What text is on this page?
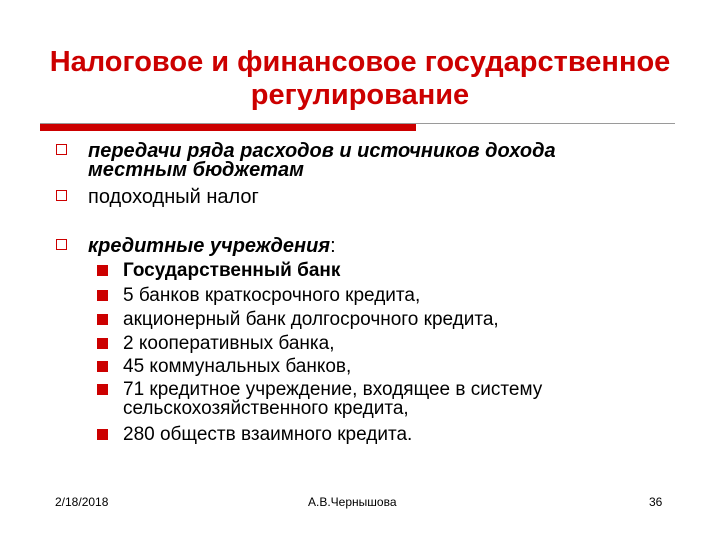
Налоговое и финансовое государственное
регулирование
передачи ряда расходов и источников дохода
местным бюджетам
подоходный налог
кредитные учреждения:
Государственный банк
5 банков краткосрочного кредита,
акционерный банк долгосрочного кредита,
2 кооперативных банка,
45 коммунальных банков,
71 кредитное учреждение, входящее в систему
сельскохозяйственного кредита,
280 обществ взаимного кредита.
2/18/2018	А.В.Чернышова	36
